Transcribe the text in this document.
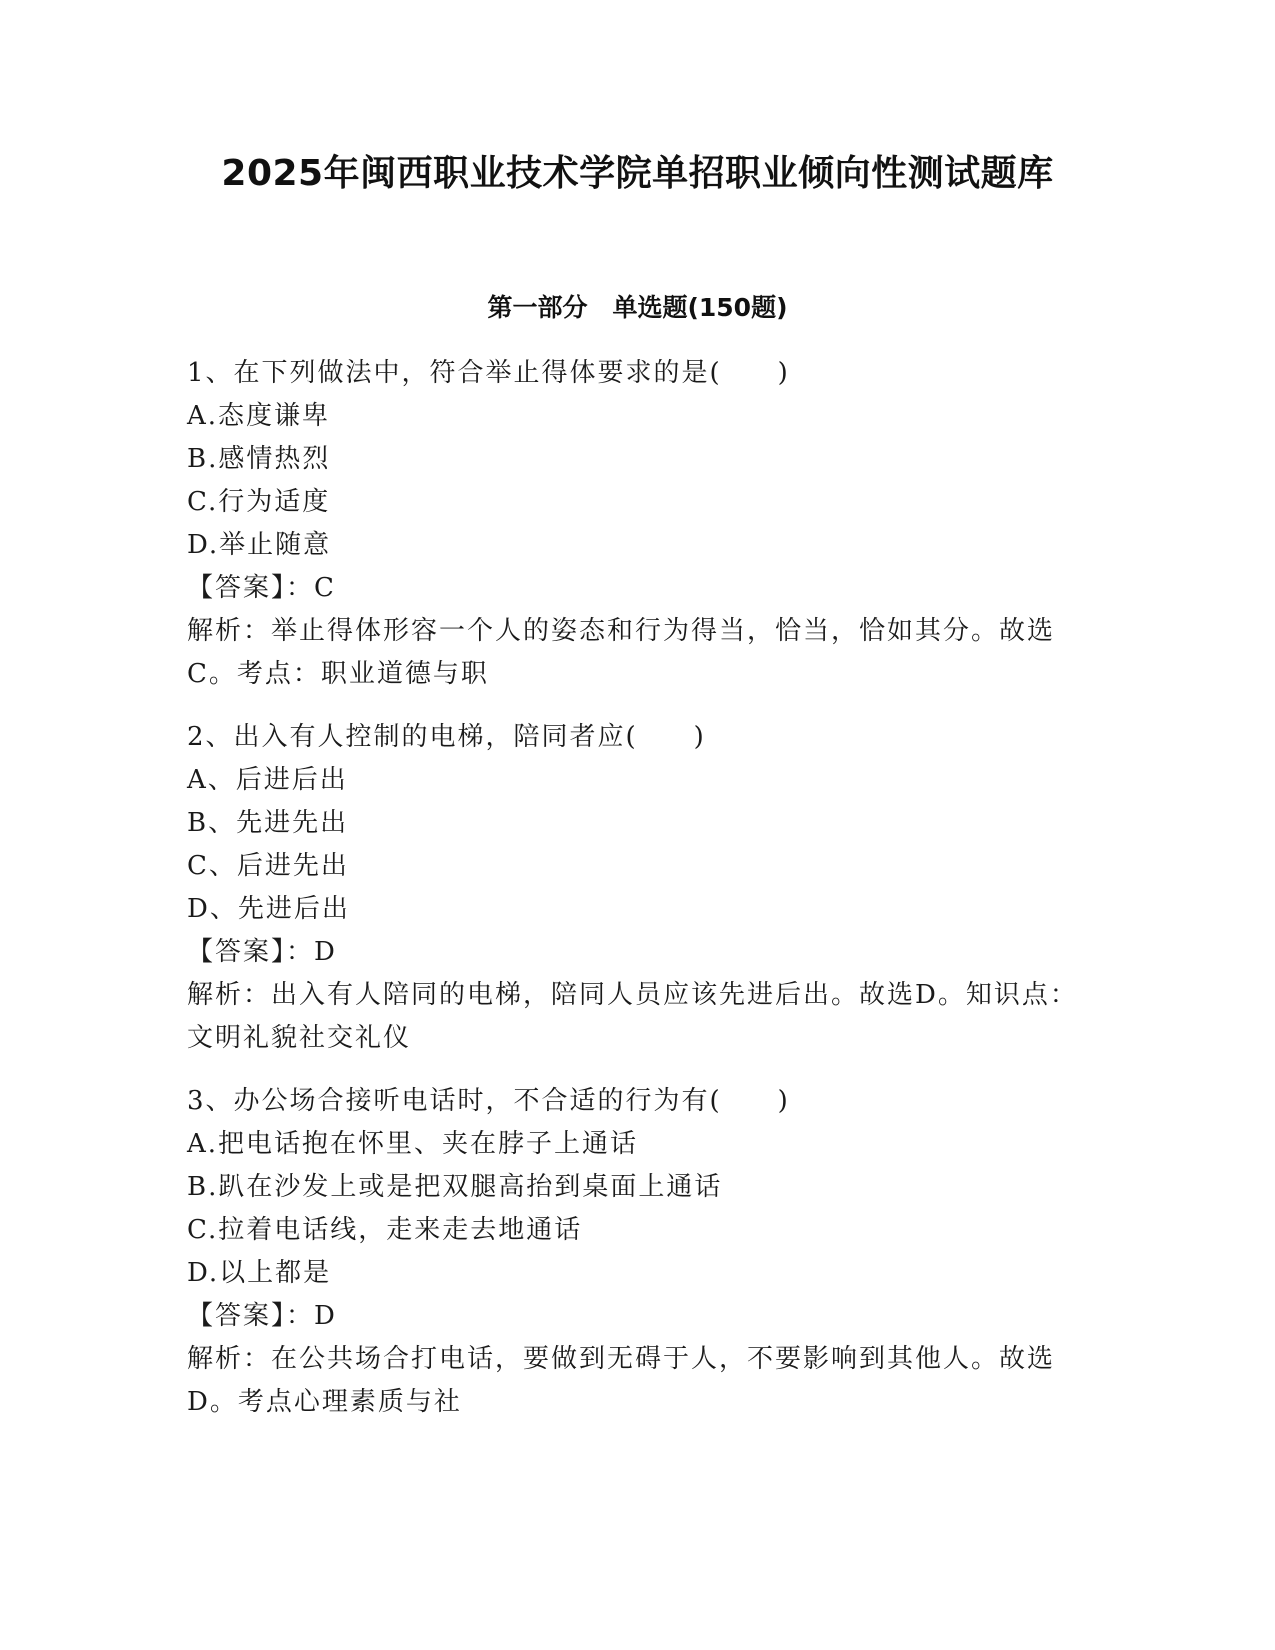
2025年闽西职业技术学院单招职业倾向性测试题库
第一部分　单选题(150题)
1、在下列做法中，符合举止得体要求的是(　　)
A.态度谦卑
B.感情热烈
C.行为适度
D.举止随意
【答案】：C
解析：举止得体形容一个人的姿态和行为得当，恰当，恰如其分。故选C。考点：职业道德与职
2、出入有人控制的电梯，陪同者应(　　)
A、后进后出
B、先进先出
C、后进先出
D、先进后出
【答案】：D
解析：出入有人陪同的电梯，陪同人员应该先进后出。故选D。知识点：文明礼貌社交礼仪
3、办公场合接听电话时，不合适的行为有(　　)
A.把电话抱在怀里、夹在脖子上通话
B.趴在沙发上或是把双腿高抬到桌面上通话
C.拉着电话线，走来走去地通话
D.以上都是
【答案】：D
解析：在公共场合打电话，要做到无碍于人，不要影响到其他人。故选D。考点心理素质与社
